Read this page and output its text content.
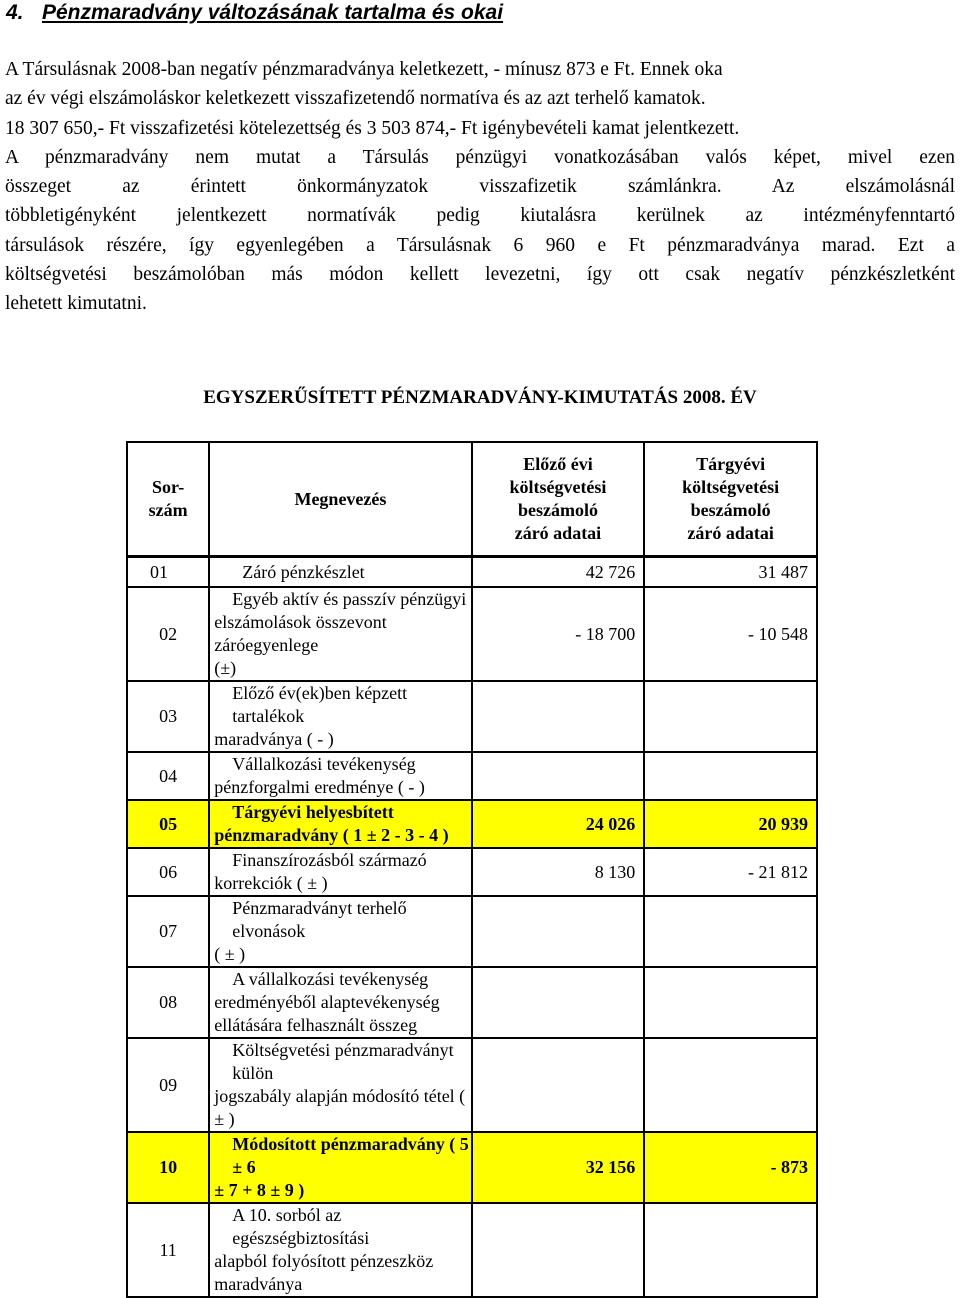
4. Pénzmaradvány változásának tartalma és okai
A Társulásnak 2008-ban negatív pénzmaradványa keletkezett, - mínusz 873 e Ft. Ennek oka
az év végi elszámoláskor keletkezett visszafizetendő normatíva és az azt terhelő kamatok.
18 307 650,- Ft visszafizetési kötelezettség és 3 503 874,- Ft igénybevételi kamat jelentkezett.
A pénzmaradvány nem mutat a Társulás pénzügyi vonatkozásában valós képet, mivel ezen
összeget az érintett önkormányzatok visszafizetik számlánkra. Az elszámolásnál
többletigényként jelentkezett normatívák pedig kiutalásra kerülnek az intézményfenntartó
társulások részére, így egyenlegében a Társulásnak 6 960 e Ft pénzmaradványa marad. Ezt a
költségvetési beszámolóban más módon kellett levezetni, így ott csak negatív pénzkészletként
lehetett kimutatni.
EGYSZERŰSÍTETT PÉNZMARADVÁNY-KIMUTATÁS 2008. ÉV
Sor-
szám	Megnevezés	Előző évi
költségvetési
beszámoló
záró adatai	Tárgyévi
költségvetési
beszámoló
záró adatai

01	Záró pénzkészlet	42 726	31 487
02	Egyéb aktív és passzív pénzügyi
elszámolások összevont záróegyenlege
(±)	- 18 700	- 10 548
03	Előző év(ek)ben képzett tartalékok
maradványa ( - )		

04	Vállalkozási tevékenység
pénzforgalmi eredménye ( - )		

05	Tárgyévi helyesbített
pénzmaradvány ( 1 ± 2 - 3 - 4 )	24 026	20 939
06	Finanszírozásból származó
korrekciók ( ± )	8 130	- 21 812
07	Pénzmaradványt terhelő elvonások
( ± )		

08	A vállalkozási tevékenység
eredményéből alaptevékenység
ellátására felhasznált összeg		

09	Költségvetési pénzmaradványt külön
jogszabály alapján módosító tétel ( ± )		

10	Módosított pénzmaradvány ( 5 ± 6
± 7 + 8 ± 9 )	32 156	- 873
11	A 10. sorból az egészségbiztosítási
alapból folyósított pénzeszköz
maradványa		
